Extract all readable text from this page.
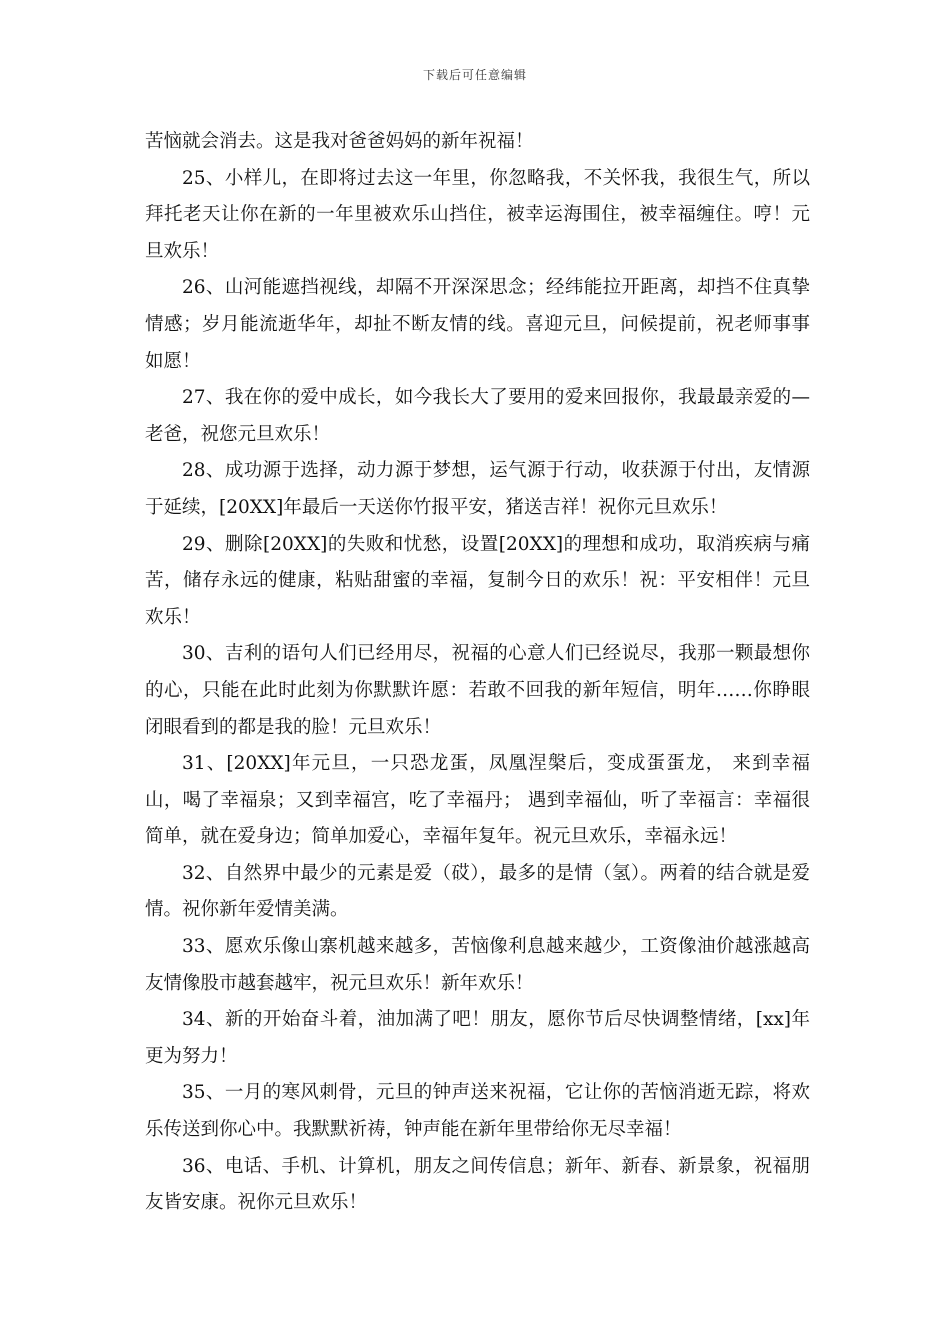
下载后可任意编辑

苦恼就会消去。这是我对爸爸妈妈的新年祝福！

25、小样儿，在即将过去这一年里，你忽略我，不关怀我，我很生气，所以拜托老天让你在新的一年里被欢乐山挡住，被幸运海围住，被幸福缠住。哼！元旦欢乐！

26、山河能遮挡视线，却隔不开深深思念；经纬能拉开距离，却挡不住真挚情感；岁月能流逝华年，却扯不断友情的线。喜迎元旦，问候提前，祝老师事事如愿！

27、我在你的爱中成长，如今我长大了要用的爱来回报你，我最最亲爱的—老爸，祝您元旦欢乐！

28、成功源于选择，动力源于梦想，运气源于行动，收获源于付出，友情源于延续，[20XX]年最后一天送你竹报平安，猪送吉祥！祝你元旦欢乐！

29、删除[20XX]的失败和忧愁，设置[20XX]的理想和成功，取消疾病与痛苦，储存永远的健康，粘贴甜蜜的幸福，复制今日的欢乐！祝：平安相伴！元旦欢乐！

30、吉利的语句人们已经用尽，祝福的心意人们已经说尽，我那一颗最想你的心，只能在此时此刻为你默默许愿：若敢不回我的新年短信，明年……你睁眼闭眼看到的都是我的脸！元旦欢乐！

31、[20XX]年元旦，一只恐龙蛋，凤凰涅槃后，变成蛋蛋龙， 来到幸福山，喝了幸福泉；又到幸福宫，吃了幸福丹； 遇到幸福仙，听了幸福言：幸福很简单，就在爱身边；简单加爱心，幸福年复年。祝元旦欢乐，幸福永远！

32、自然界中最少的元素是爱（砹），最多的是情（氢）。两着的结合就是爱情。祝你新年爱情美满。

33、愿欢乐像山寨机越来越多，苦恼像利息越来越少，工资像油价越涨越高友情像股市越套越牢，祝元旦欢乐！新年欢乐！

34、新的开始奋斗着，油加满了吧！朋友，愿你节后尽快调整情绪，[xx]年更为努力！

35、一月的寒风刺骨，元旦的钟声送来祝福，它让你的苦恼消逝无踪，将欢乐传送到你心中。我默默祈祷，钟声能在新年里带给你无尽幸福！

36、电话、手机、计算机，朋友之间传信息；新年、新春、新景象，祝福朋友皆安康。祝你元旦欢乐！
